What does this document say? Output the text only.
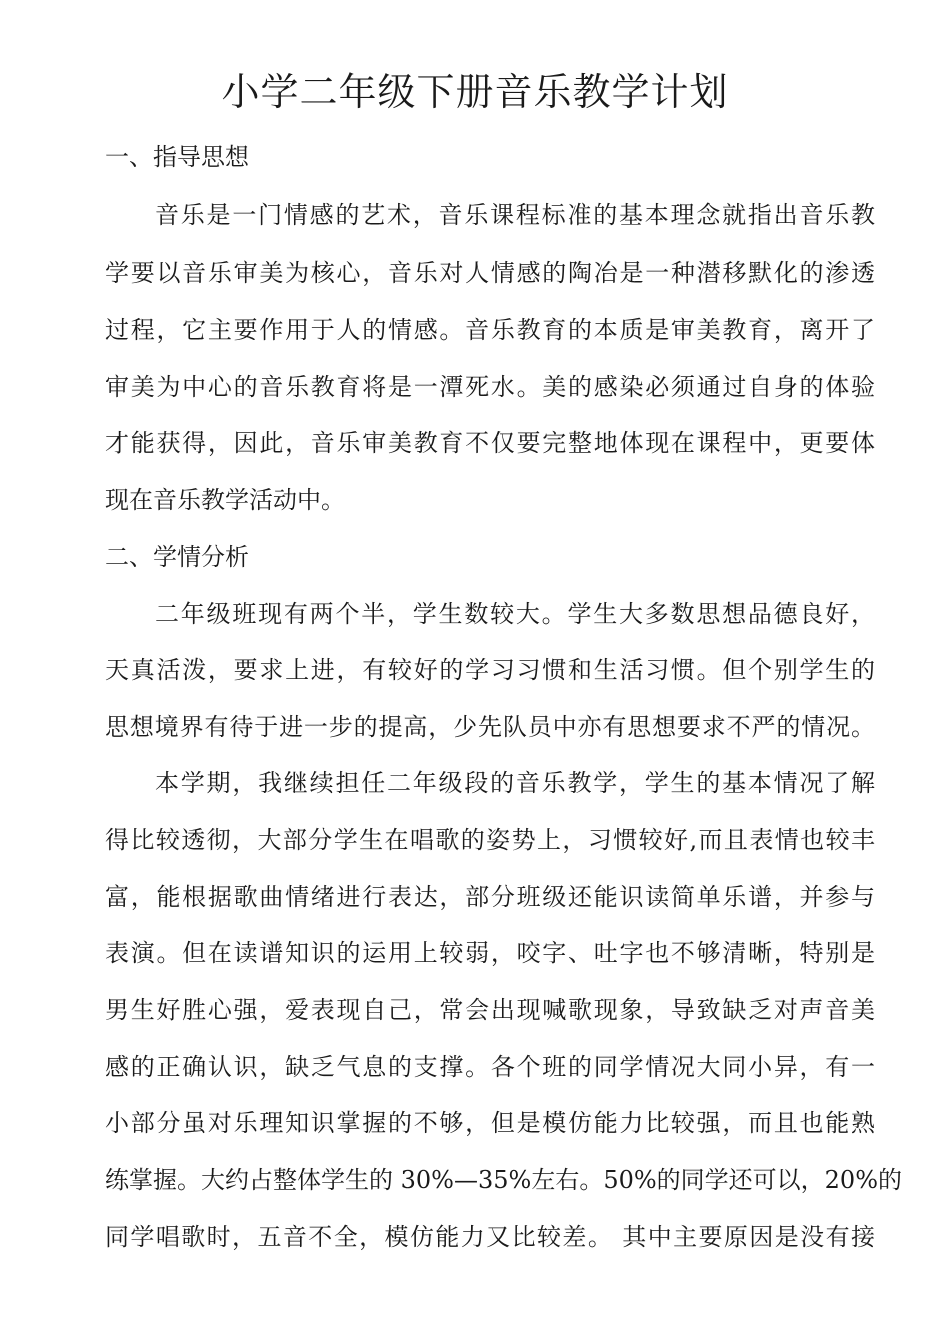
小学二年级下册音乐教学计划

一、指导思想

音乐是一门情感的艺术，音乐课程标准的基本理念就指出音乐教

学要以音乐审美为核心，音乐对人情感的陶冶是一种潜移默化的渗透

过程，它主要作用于人的情感。音乐教育的本质是审美教育，离开了

审美为中心的音乐教育将是一潭死水。美的感染必须通过自身的体验

才能获得，因此，音乐审美教育不仅要完整地体现在课程中，更要体

现在音乐教学活动中。

二、学情分析

二年级班现有两个半，学生数较大。学生大多数思想品德良好，

天真活泼，要求上进，有较好的学习习惯和生活习惯。但个别学生的

思想境界有待于进一步的提高，少先队员中亦有思想要求不严的情况。

本学期，我继续担任二年级段的音乐教学，学生的基本情况了解

得比较透彻，大部分学生在唱歌的姿势上，习惯较好,而且表情也较丰

富，能根据歌曲情绪进行表达，部分班级还能识读简单乐谱，并参与

表演。但在读谱知识的运用上较弱，咬字、吐字也不够清晰，特别是

男生好胜心强，爱表现自己，常会出现喊歌现象，导致缺乏对声音美

感的正确认识，缺乏气息的支撑。各个班的同学情况大同小异，有一

小部分虽对乐理知识掌握的不够，但是模仿能力比较强，而且也能熟

练掌握。大约占整体学生的 30%—35%左右。50%的同学还可以，20%的

同学唱歌时，五音不全，模仿能力又比较差。 其中主要原因是没有接
